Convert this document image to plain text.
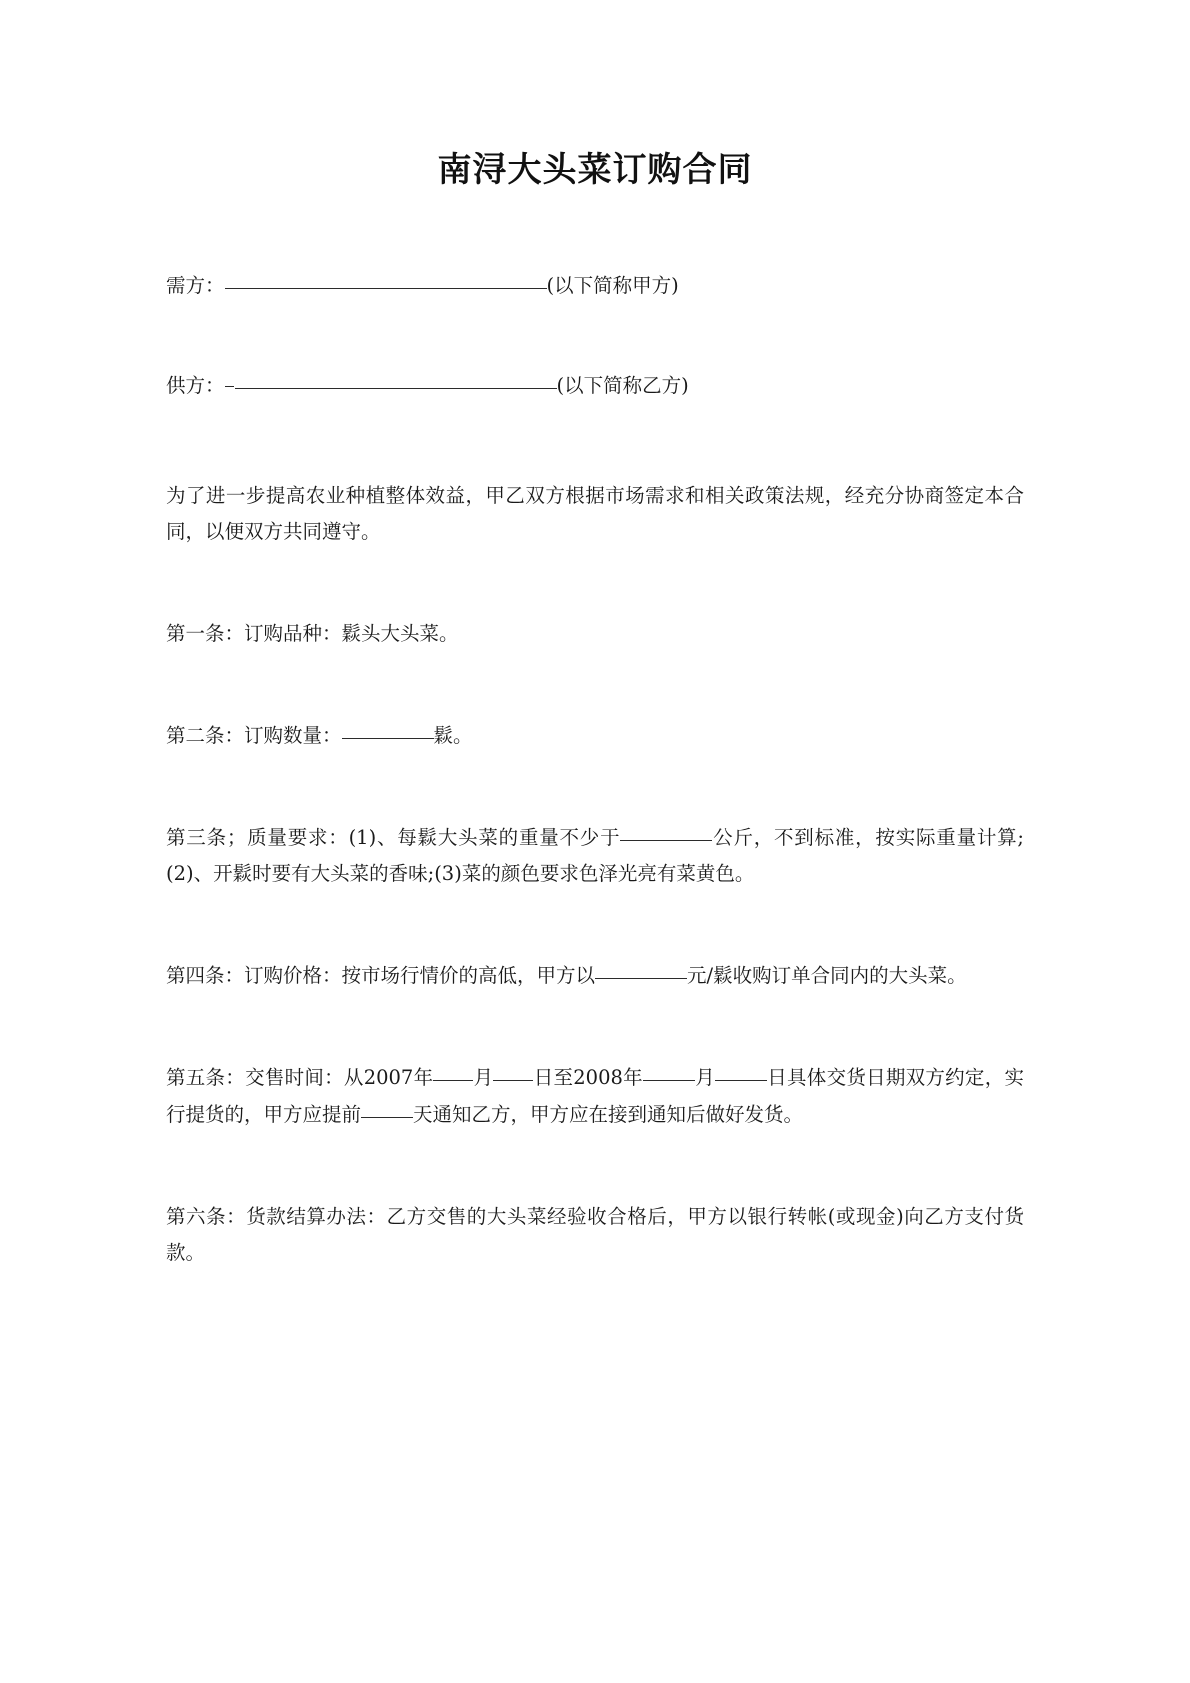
南浔大头菜订购合同
需方：	(以下简称甲方)
供方：	(以下简称乙方)
为了进一步提高农业种植整体效益，甲乙双方根据市场需求和相关政策法规，经充分协商签定本合同，以便双方共同遵守。
第一条：订购品种：鬏头大头菜。
第二条：订购数量：	鬏。
第三条；质量要求：(1)、每鬏大头菜的重量不少于	公斤，不到标准，按实际重量计算;(2)、开鬏时要有大头菜的香味;(3)菜的颜色要求色泽光亮有菜黄色。
第四条：订购价格：按市场行情价的高低，甲方以	元/鬏收购订单合同内的大头菜。
第五条：交售时间：从2007年 月 日至2008年	月	日具体交货日期双方约定，实行提货的，甲方应提前	天通知乙方，甲方应在接到通知后做好发货。
第六条：货款结算办法：乙方交售的大头菜经验收合格后，甲方以银行转帐(或现金)向乙方支付货款。
